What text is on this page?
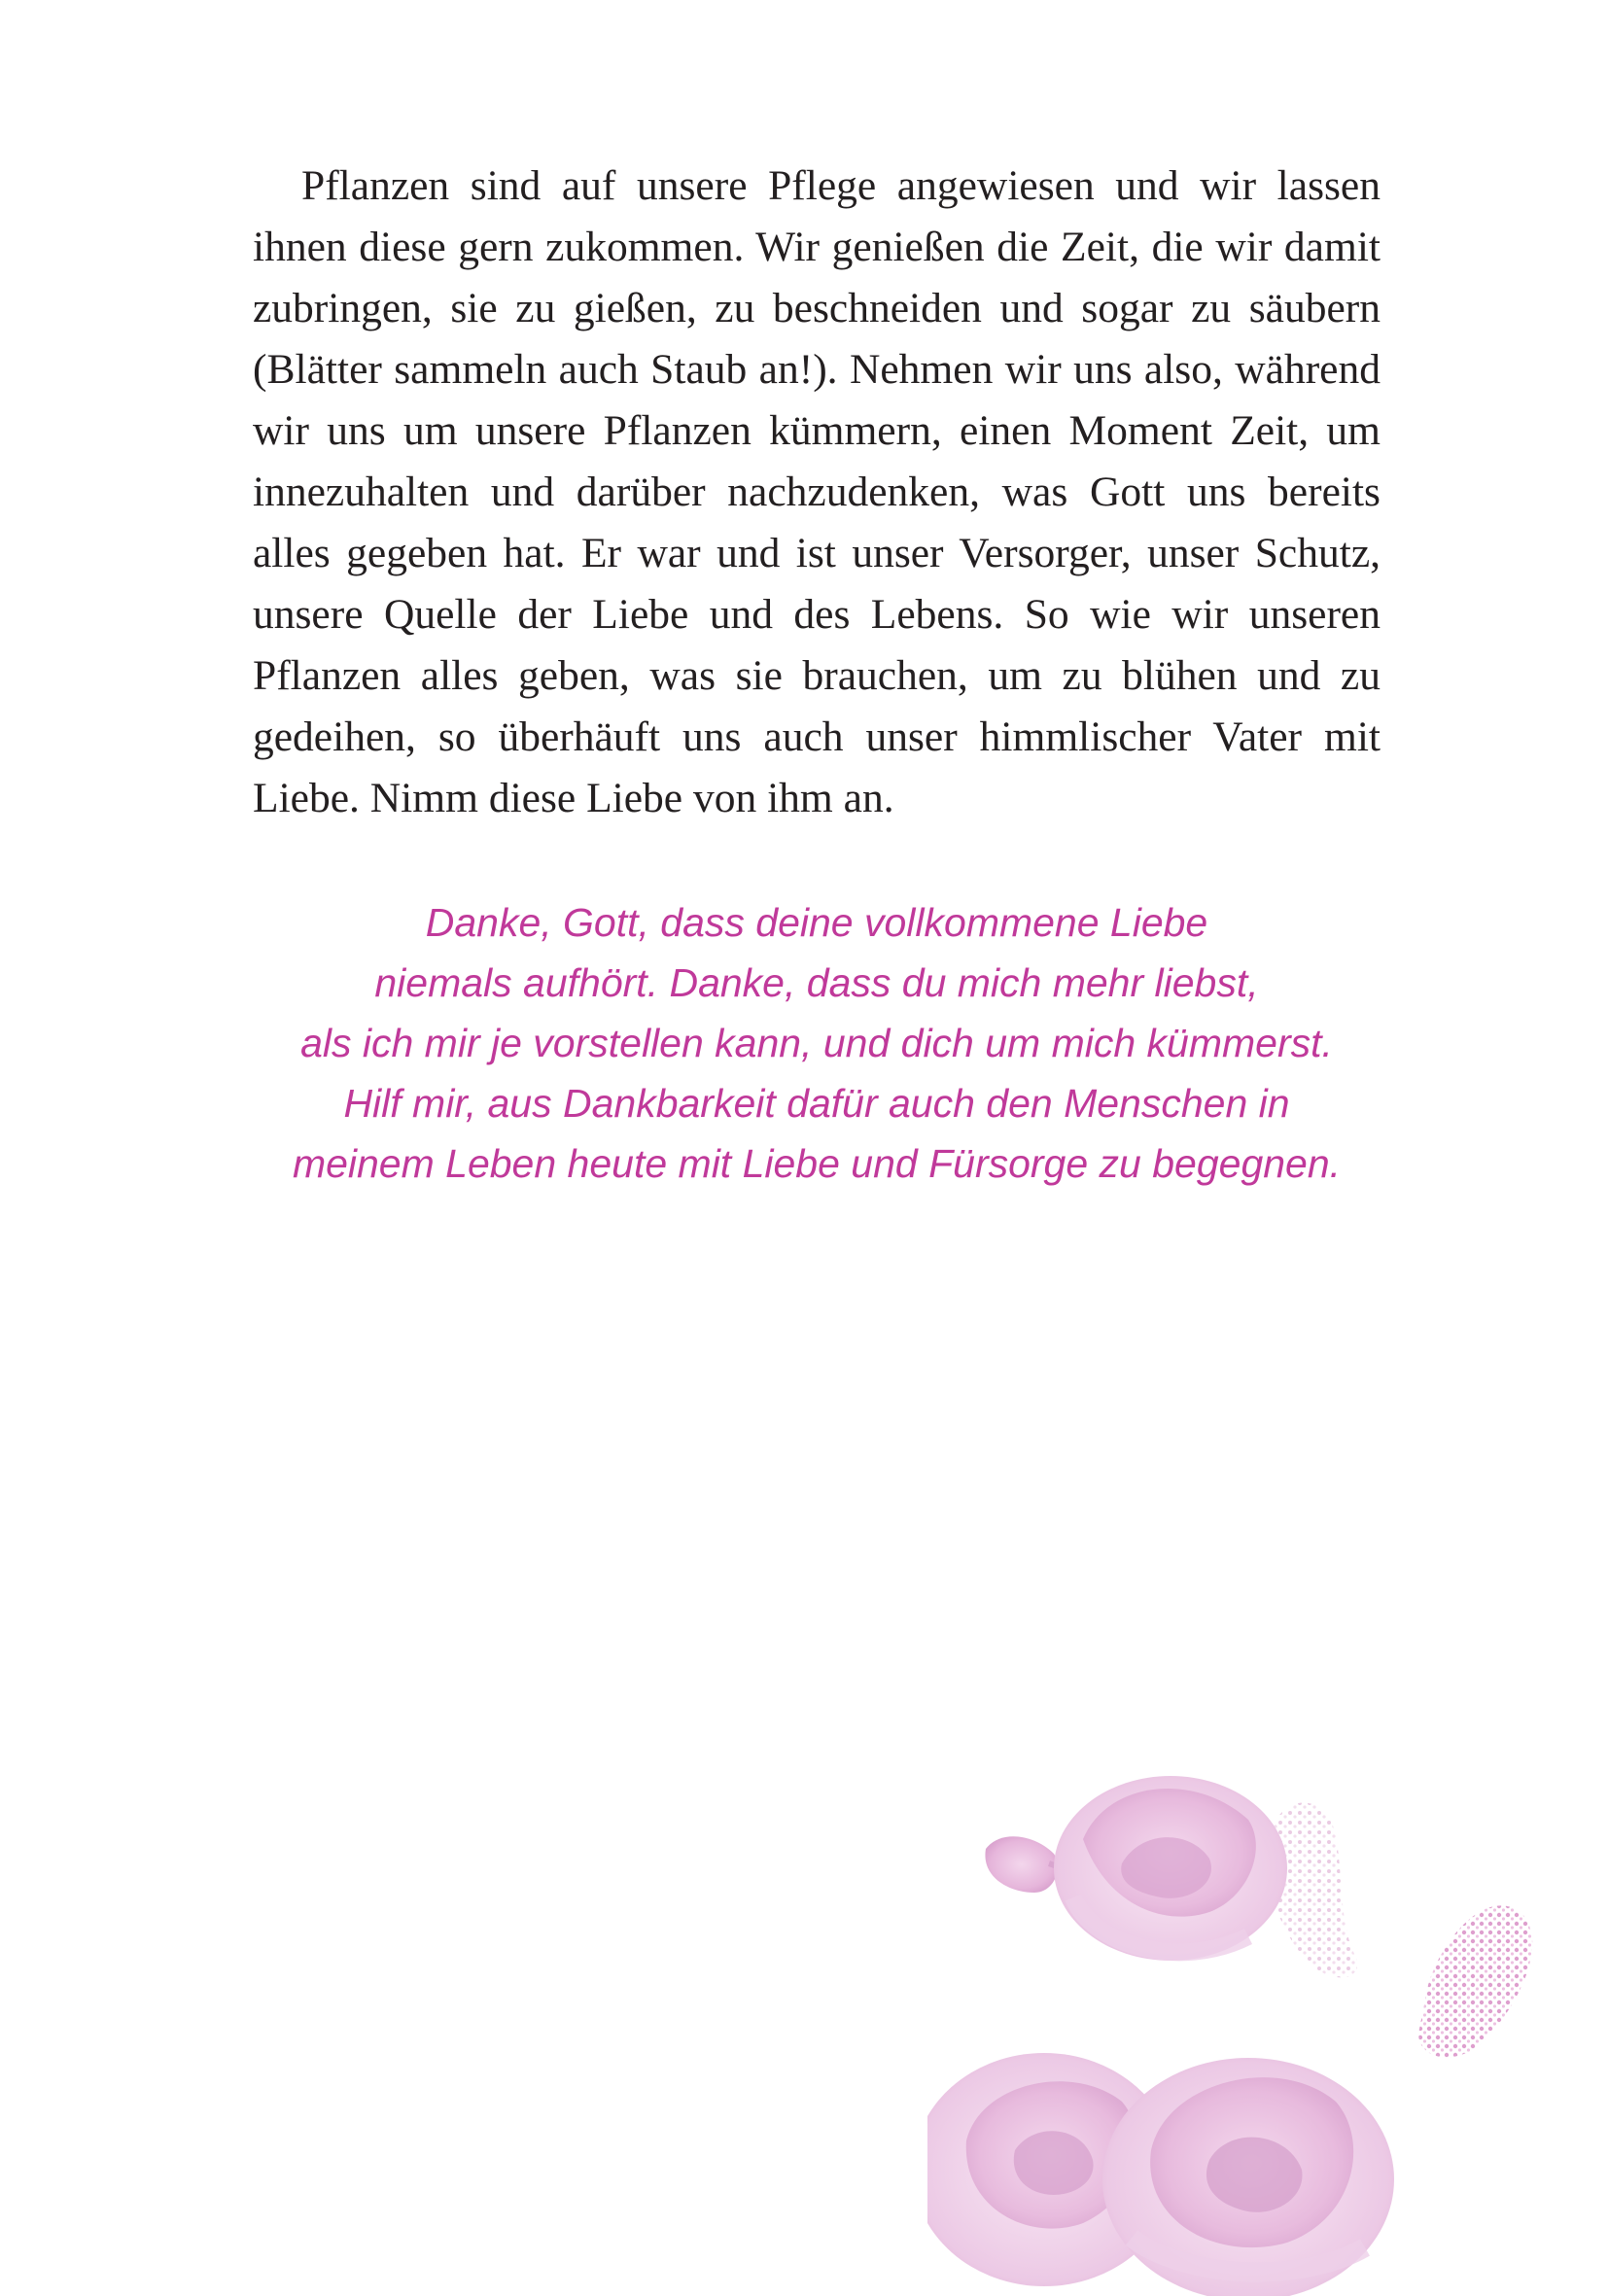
Pflanzen sind auf unsere Pflege angewiesen und wir lassen ihnen diese gern zukommen. Wir genießen die Zeit, die wir damit zubringen, sie zu gießen, zu beschneiden und sogar zu säubern (Blätter sammeln auch Staub an!). Nehmen wir uns also, während wir uns um unsere Pflanzen kümmern, einen Moment Zeit, um innezuhalten und darüber nachzudenken, was Gott uns bereits alles gegeben hat. Er war und ist unser Versorger, unser Schutz, unsere Quelle der Liebe und des Lebens. So wie wir unseren Pflanzen alles geben, was sie brauchen, um zu blühen und zu gedeihen, so überhäuft uns auch unser himmlischer Vater mit Liebe. Nimm diese Liebe von ihm an.

Danke, Gott, dass deine vollkommene Liebe
niemals aufhört. Danke, dass du mich mehr liebst,
als ich mir je vorstellen kann, und dich um mich kümmerst.
Hilf mir, aus Dankbarkeit dafür auch den Menschen in
meinem Leben heute mit Liebe und Fürsorge zu begegnen.
